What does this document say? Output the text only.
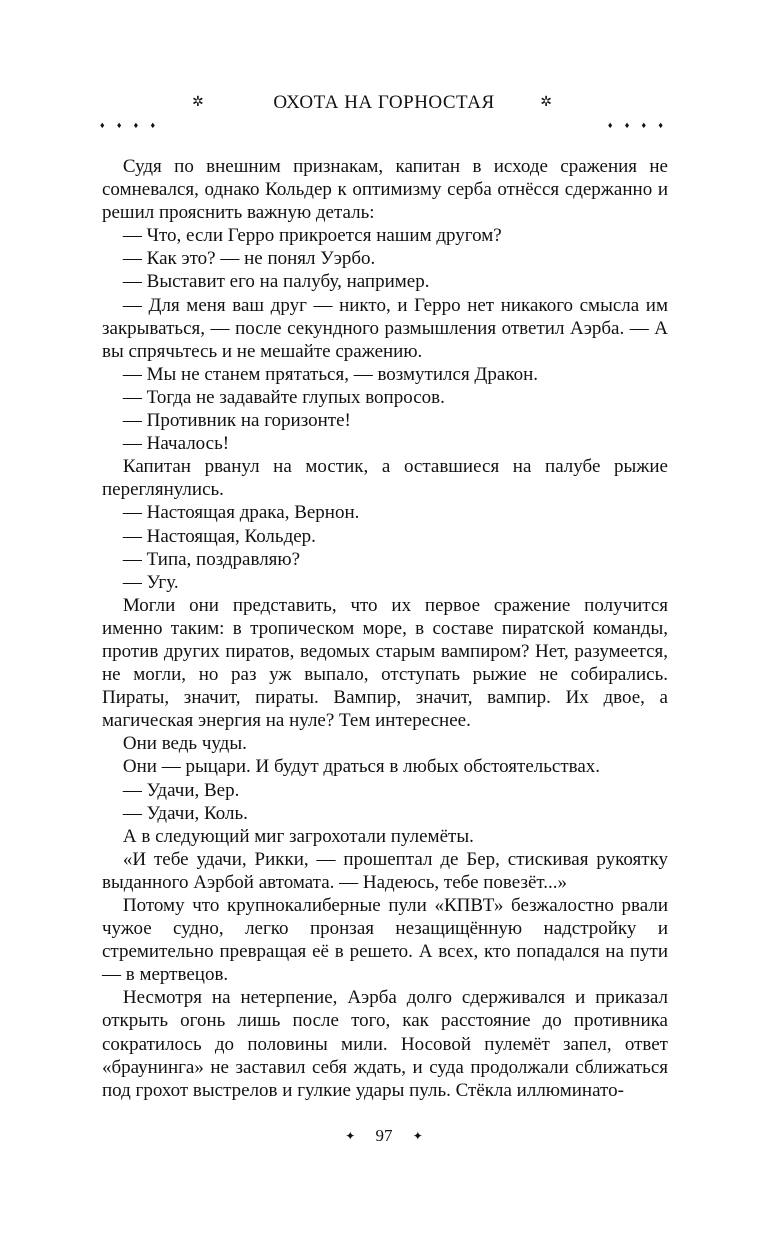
✲	ОХОТА НА ГОРНОСТАЯ	✲
♦ ♦ ♦ ♦	♦ ♦ ♦ ♦

Судя по внешним признакам, капитан в исходе сражения не сомневался, однако Кольдер к оптимизму серба отнёсся сдержанно и решил прояснить важную деталь:

— Что, если Герро прикроется нашим другом?

— Как это? — не понял Уэрбо.

— Выставит его на палубу, например.

— Для меня ваш друг — никто, и Герро нет никакого смысла им закрываться, — после секундного размышления ответил Аэрба. — А вы спрячьтесь и не мешайте сражению.

— Мы не станем прятаться, — возмутился Дракон.

— Тогда не задавайте глупых вопросов.

— Противник на горизонте!

— Началось!

Капитан рванул на мостик, а оставшиеся на палубе рыжие переглянулись.

— Настоящая драка, Вернон.

— Настоящая, Кольдер.

— Типа, поздравляю?

— Угу.

Могли они представить, что их первое сражение получится именно таким: в тропическом море, в составе пиратской команды, против других пиратов, ведомых старым вампиром? Нет, разумеется, не могли, но раз уж выпало, отступать рыжие не собирались. Пираты, значит, пираты. Вампир, значит, вампир. Их двое, а магическая энергия на нуле? Тем интереснее.

Они ведь чуды.

Они — рыцари. И будут драться в любых обстоятельствах.

— Удачи, Вер.

— Удачи, Коль.

А в следующий миг загрохотали пулемёты.

«И тебе удачи, Рикки, — прошептал де Бер, стискивая рукоятку выданного Аэрбой автомата. — Надеюсь, тебе повезёт...»

Потому что крупнокалиберные пули «КПВТ» безжалостно рвали чужое судно, легко пронзая незащищённую надстройку и стремительно превращая её в решето. А всех, кто попадался на пути — в мертвецов.

Несмотря на нетерпение, Аэрба долго сдерживался и приказал открыть огонь лишь после того, как расстояние до противника сократилось до половины мили. Носовой пулемёт запел, ответ «браунинга» не заставил себя ждать, и суда продолжали сближаться под грохот выстрелов и гулкие удары пуль. Стёкла иллюминато-

✦ 97 ✦
